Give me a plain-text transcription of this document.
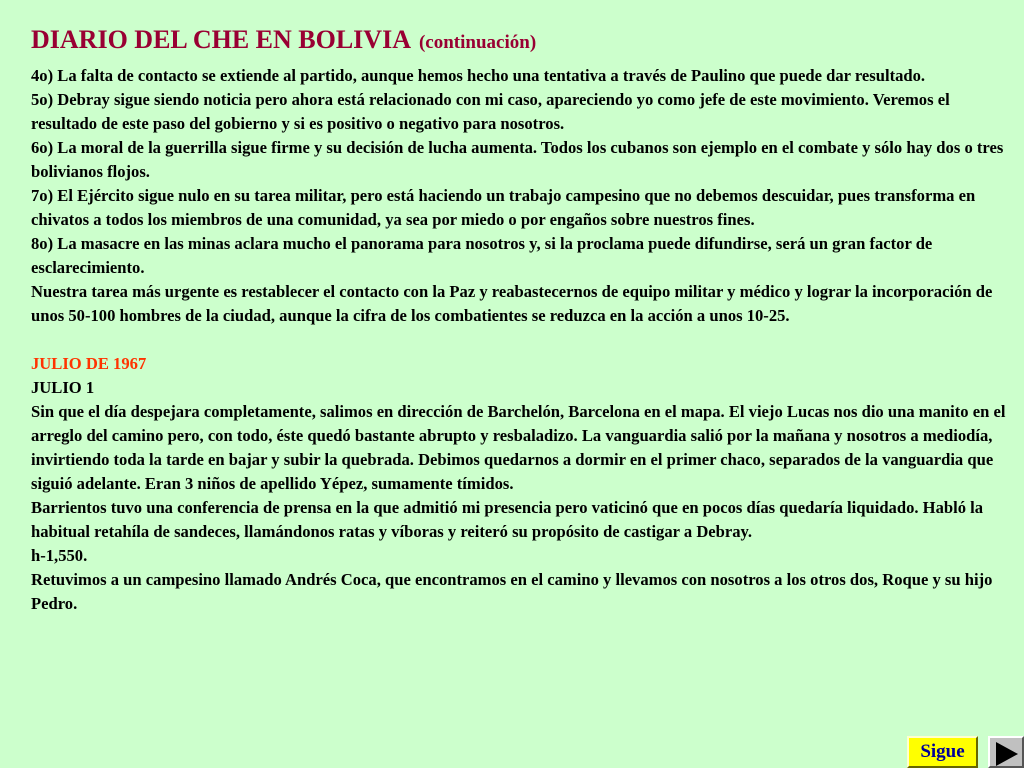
DIARIO DEL CHE EN BOLIVIA (continuación)

4o) La falta de contacto se extiende al partido, aunque hemos hecho una tentativa a través de Paulino que puede dar resultado.

5o) Debray sigue siendo noticia pero ahora está relacionado con mi caso, apareciendo yo como jefe de este movimiento. Veremos el resultado de este paso del gobierno y si es positivo o negativo para nosotros.

6o) La moral de la guerrilla sigue firme y su decisión de lucha aumenta. Todos los cubanos son ejemplo en el combate y sólo hay dos o tres bolivianos flojos.

7o) El Ejército sigue nulo en su tarea militar, pero está haciendo un trabajo campesino que no debemos descuidar, pues transforma en chivatos a todos los miembros de una comunidad, ya sea por miedo o por engaños sobre nuestros fines.

8o) La masacre en las minas aclara mucho el panorama para nosotros y, si la proclama puede difundirse, será un gran factor de esclarecimiento.

Nuestra tarea más urgente es restablecer el contacto con la Paz y reabastecernos de equipo militar y médico y lograr la incorporación de unos 50-100 hombres de la ciudad, aunque la cifra de los combatientes se reduzca en la acción a unos 10-25.

JULIO DE 1967

JULIO 1

Sin que el día despejara completamente, salimos en dirección de Barchelón, Barcelona en el mapa. El viejo Lucas nos dio una manito en el arreglo del camino pero, con todo, éste quedó bastante abrupto y resbaladizo. La vanguardia salió por la mañana y nosotros a mediodía, invirtiendo toda la tarde en bajar y subir la quebrada. Debimos quedarnos a dormir en el primer chaco, separados de la vanguardia que siguió adelante. Eran 3 niños de apellido Yépez, sumamente tímidos.

Barrientos tuvo una conferencia de prensa en la que admitió mi presencia pero vaticinó que en pocos días quedaría liquidado. Habló la habitual retahíla de sandeces, llamándonos ratas y víboras y reiteró su propósito de castigar a Debray.

h-1,550.

Retuvimos a un campesino llamado Andrés Coca, que encontramos en el camino y llevamos con nosotros a los otros dos, Roque y su hijo Pedro.

Sigue
